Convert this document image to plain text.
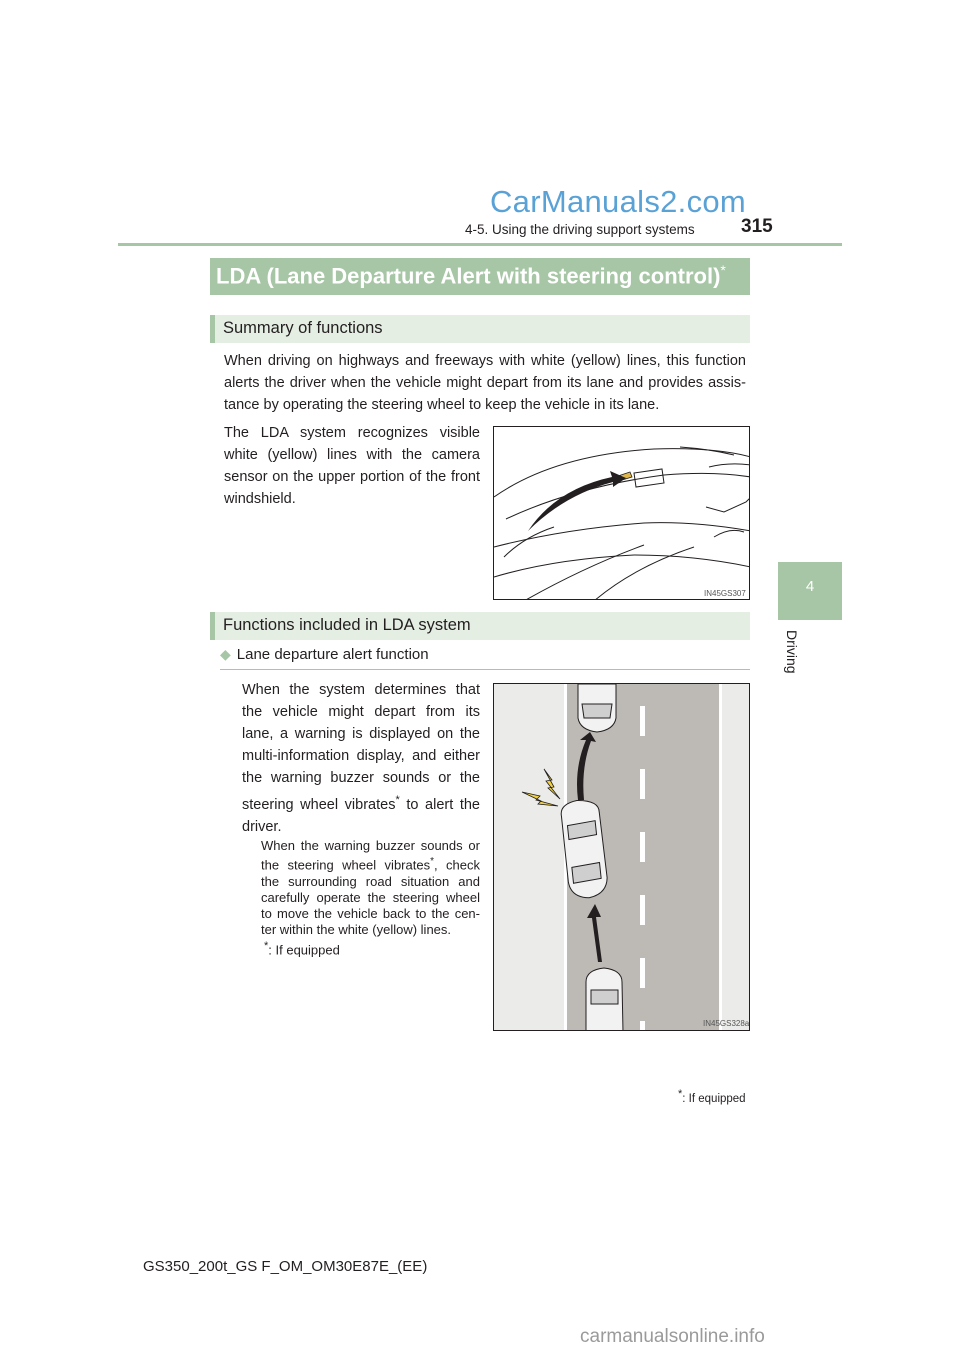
CarManuals2.com
4-5. Using the driving support systems 315
4
Driving
LDA (Lane Departure Alert with steering control)*
Summary of functions
When driving on highways and freeways with white (yellow) lines, this function alerts the driver when the vehicle might depart from its lane and provides assis-tance by operating the steering wheel to keep the vehicle in its lane.
The LDA system recognizes visible white (yellow) lines with the camera sensor on the upper portion of the front windshield.
IN45GS307
Functions included in LDA system
◆ Lane departure alert function
When the system determines that
the vehicle might depart from its
lane, a warning is displayed on the
multi-information display, and either
the warning buzzer sounds or the
steering wheel vibrates* to alert the
driver.
When the warning buzzer sounds or the steering wheel vibrates*, check the surrounding road situation and carefully operate the steering wheel to move the vehicle back to the cen-ter within the white (yellow) lines.
*: If equipped
IN45GS328a
*: If equipped
GS350_200t_GS F_OM_OM30E87E_(EE)
carmanualsonline.info
